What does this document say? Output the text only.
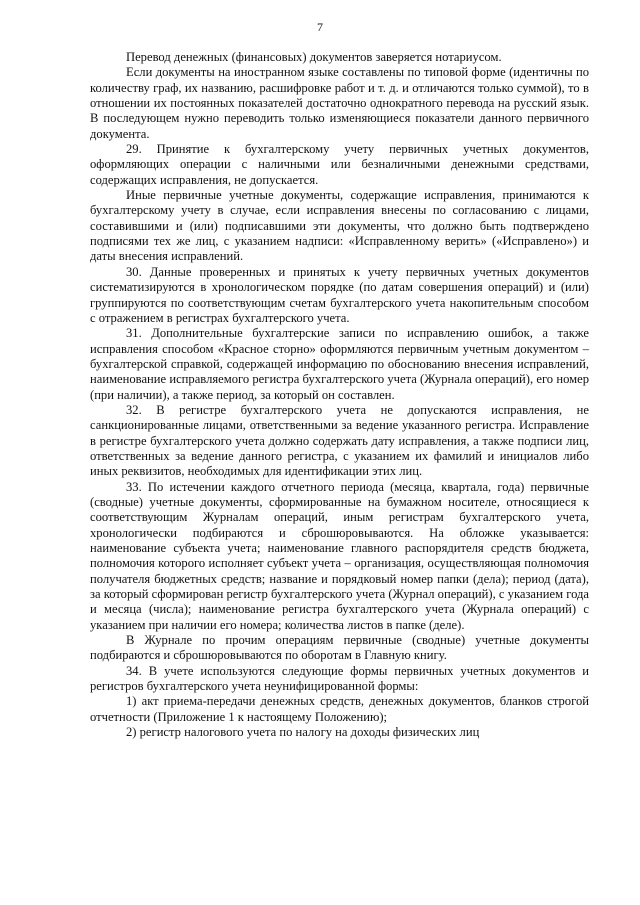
7

Перевод денежных (финансовых) документов заверяется нотариусом.

Если документы на иностранном языке составлены по типовой форме (идентичны по количеству граф, их названию, расшифровке работ и т. д. и отличаются только суммой), то в отношении их постоянных показателей достаточно однократного перевода на русский язык. В последующем нужно переводить только изменяющиеся показатели данного первичного документа.

29. Принятие к бухгалтерскому учету первичных учетных документов, оформляющих операции с наличными или безналичными денежными средствами, содержащих исправления, не допускается.

Иные первичные учетные документы, содержащие исправления, принимаются к бухгалтерскому учету в случае, если исправления внесены по согласованию с лицами, составившими и (или) подписавшими эти документы, что должно быть подтверждено подписями тех же лиц, с указанием надписи: «Исправленному верить» («Исправлено») и даты внесения исправлений.

30. Данные проверенных и принятых к учету первичных учетных документов систематизируются в хронологическом порядке (по датам совершения операций) и (или) группируются по соответствующим счетам бухгалтерского учета накопительным способом с отражением в регистрах бухгалтерского учета.

31. Дополнительные бухгалтерские записи по исправлению ошибок, а также исправления способом «Красное сторно» оформляются первичным учетным документом – бухгалтерской справкой, содержащей информацию по обоснованию внесения исправлений, наименование исправляемого регистра бухгалтерского учета (Журнала операций), его номер (при наличии), а также период, за который он составлен.

32. В регистре бухгалтерского учета не допускаются исправления, не санкционированные лицами, ответственными за ведение указанного регистра. Исправление в регистре бухгалтерского учета должно содержать дату исправления, а также подписи лиц, ответственных за ведение данного регистра, с указанием их фамилий и инициалов либо иных реквизитов, необходимых для идентификации этих лиц.

33. По истечении каждого отчетного периода (месяца, квартала, года) первичные (сводные) учетные документы, сформированные на бумажном носителе, относящиеся к соответствующим Журналам операций, иным регистрам бухгалтерского учета, хронологически подбираются и сброшюровываются. На обложке указывается: наименование субъекта учета; наименование главного распорядителя средств бюджета, полномочия которого исполняет субъект учета – организация, осуществляющая полномочия получателя бюджетных средств; название и порядковый номер папки (дела); период (дата), за который сформирован регистр бухгалтерского учета (Журнал операций), с указанием года и месяца (числа); наименование регистра бухгалтерского учета (Журнала операций) с указанием при наличии его номера; количества листов в папке (деле).

В Журнале по прочим операциям первичные (сводные) учетные документы подбираются и сброшюровываются по оборотам в Главную книгу.

34. В учете используются следующие формы первичных учетных документов и регистров бухгалтерского учета неунифицированной формы:

1) акт приема-передачи денежных средств, денежных документов, бланков строгой отчетности (Приложение 1 к настоящему Положению);

2) регистр налогового учета по налогу на доходы физических лиц
